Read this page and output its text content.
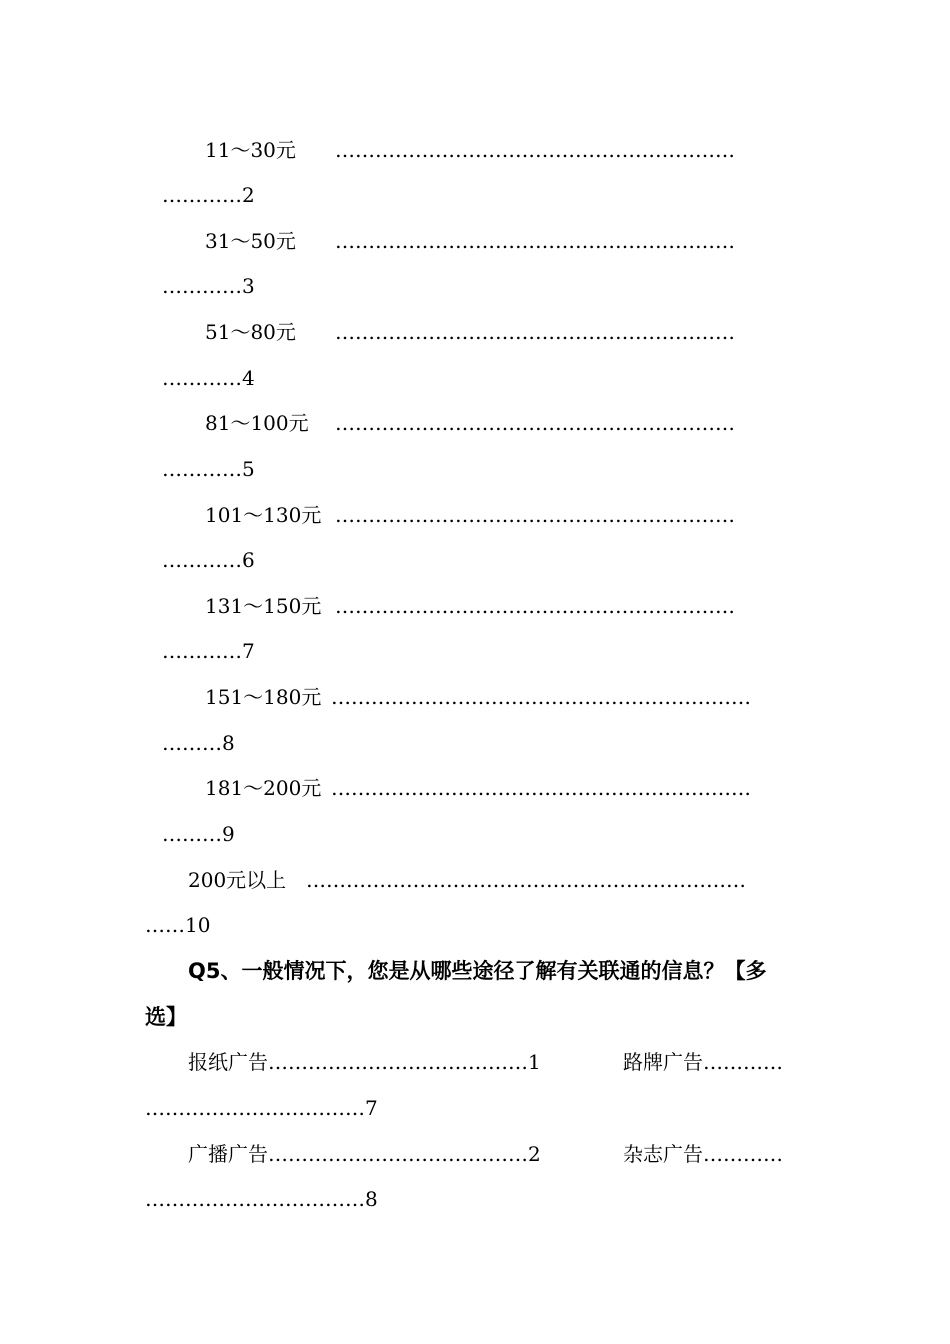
11～30元 ……………………………………………………
…………2
31～50元 ……………………………………………………
…………3
51～80元 ……………………………………………………
…………4
81～100元 ……………………………………………………
…………5
101～130元 ……………………………………………………
…………6
131～150元 ……………………………………………………
…………7
151～180元 ………………………………………………………
………8
181～200元 ………………………………………………………
………9
200元以上 …………………………………………………………
……10
Q5、一般情况下，您是从哪些途径了解有关联通的信息？【多
选】
报纸广告…………………………………1	路牌广告…………
……………………………7
广播广告…………………………………2	杂志广告…………
……………………………8
